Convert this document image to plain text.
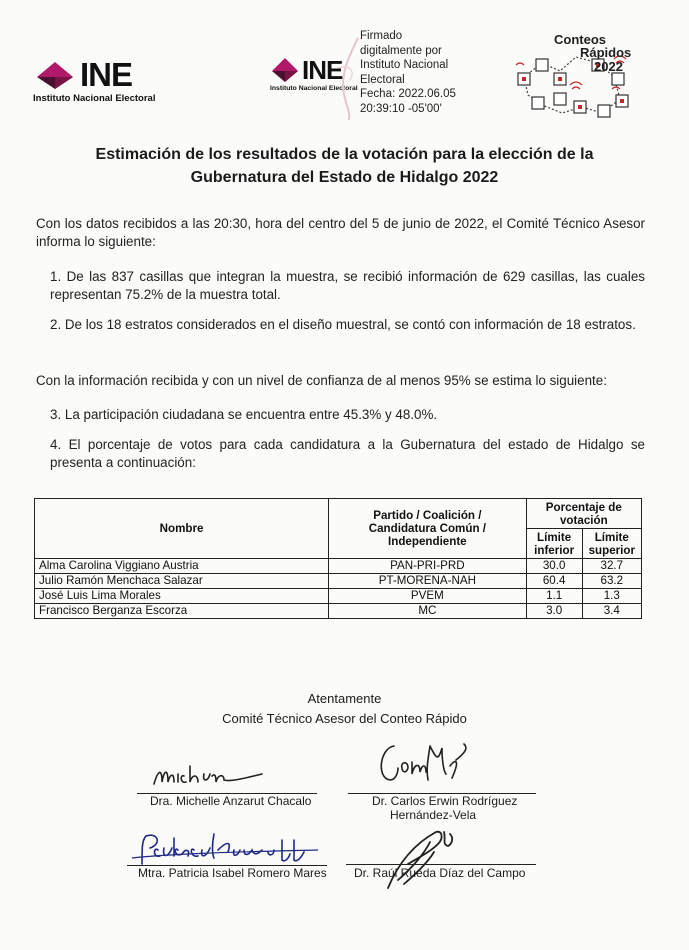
INE
Instituto Nacional Electoral
INE
Instituto Nacional Electoral
Firmado
digitalmente por
Instituto Nacional
Electoral
Fecha: 2022.06.05
20:39:10 -05'00'
Conteos
Rápidos
2022
Estimación de los resultados de la votación para la elección de la
Gubernatura del Estado de Hidalgo 2022
Con los datos recibidos a las 20:30, hora del centro del 5 de junio de 2022, el Comité Técnico Asesor informa lo siguiente:
1. De las 837 casillas que integran la muestra, se recibió información de 629 casillas, las cuales representan 75.2% de la muestra total.
2. De los 18 estratos considerados en el diseño muestral, se contó con información de 18 estratos.
Con la información recibida y con un nivel de confianza de al menos 95% se estima lo siguiente:
3. La participación ciudadana se encuentra entre 45.3% y 48.0%.
4. El porcentaje de votos para cada candidatura a la Gubernatura del estado de Hidalgo se presenta a continuación:
Nombre	Partido / Coalición / Candidatura Común / Independiente	Porcentaje de votación	
		Límite inferior	Límite superior
Alma Carolina Viggiano Austria	PAN-PRI-PRD	30.0	32.7
Julio Ramón Menchaca Salazar	PT-MORENA-NAH	60.4	63.2
José Luis Lima Morales	PVEM	1.1	1.3
Francisco Berganza Escorza	MC	3.0	3.4
Atentamente
Comité Técnico Asesor del Conteo Rápido
Dra. Michelle Anzarut Chacalo	Dr. Carlos Erwin Rodríguez
Hernández-Vela
Mtra. Patricia Isabel Romero Mares Dr. Raúl Rueda Díaz del Campo
